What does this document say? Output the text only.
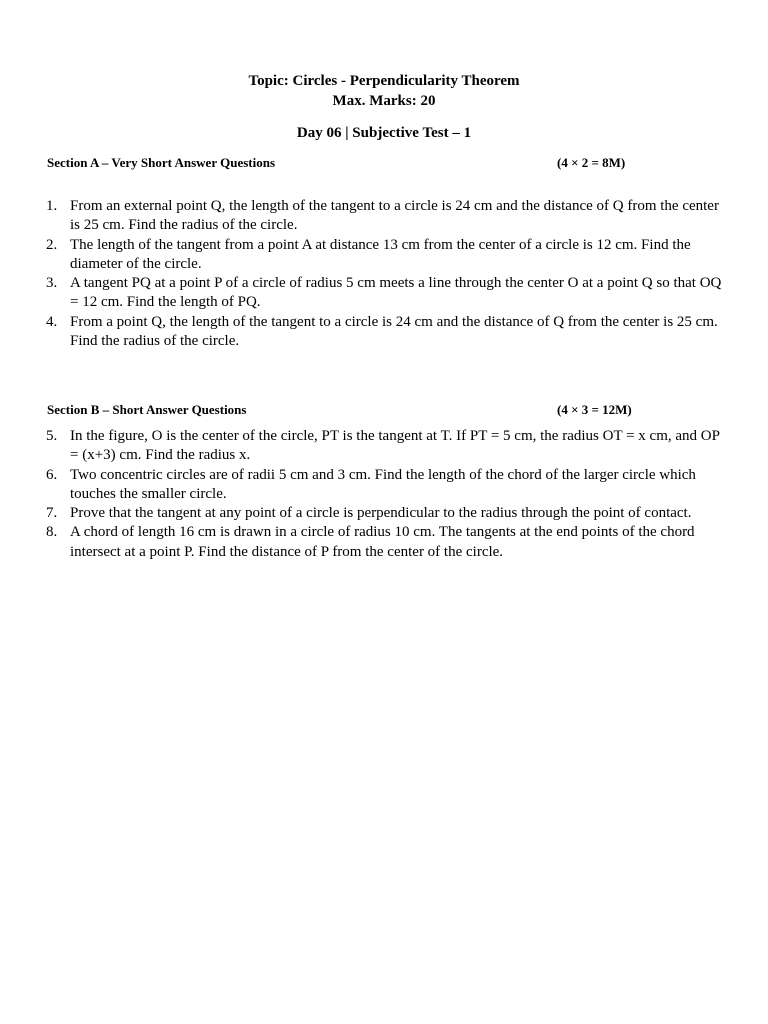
Topic: Circles - Perpendicularity Theorem
Max. Marks: 20
Day 06 | Subjective Test – 1
Section A – Very Short Answer Questions	(4 × 2 = 8M)
1. From an external point Q, the length of the tangent to a circle is 24 cm and the distance of Q from the center is 25 cm. Find the radius of the circle.
2. The length of the tangent from a point A at distance 13 cm from the center of a circle is 12 cm. Find the diameter of the circle.
3. A tangent PQ at a point P of a circle of radius 5 cm meets a line through the center O at a point Q so that OQ = 12 cm. Find the length of PQ.
4. From a point Q, the length of the tangent to a circle is 24 cm and the distance of Q from the center is 25 cm. Find the radius of the circle.
Section B – Short Answer Questions	(4 × 3 = 12M)
5. In the figure, O is the center of the circle, PT is the tangent at T. If PT = 5 cm, the radius OT = x cm, and OP = (x+3) cm. Find the radius x.
6. Two concentric circles are of radii 5 cm and 3 cm. Find the length of the chord of the larger circle which touches the smaller circle.
7. Prove that the tangent at any point of a circle is perpendicular to the radius through the point of contact.
8. A chord of length 16 cm is drawn in a circle of radius 10 cm. The tangents at the end points of the chord intersect at a point P. Find the distance of P from the center of the circle.
